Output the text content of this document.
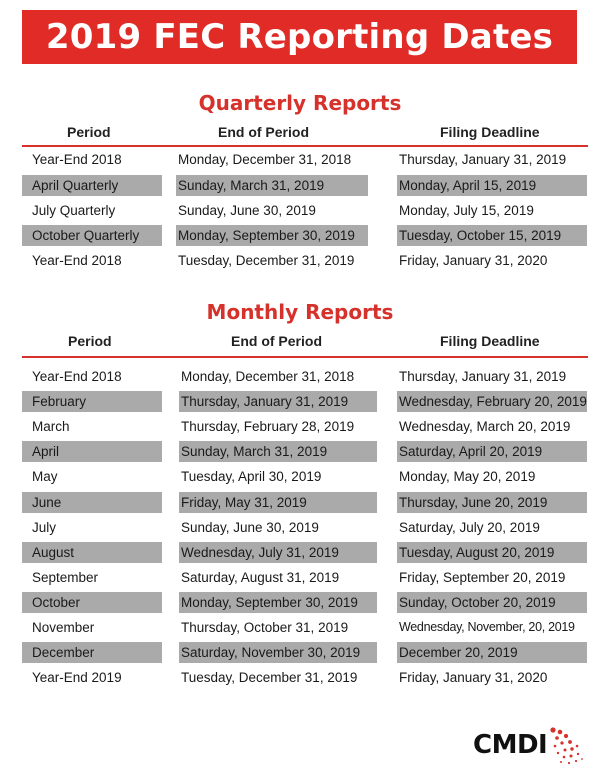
2019 FEC Reporting Dates
Quarterly Reports
Period	End of Period	Filing Deadline
Year-End 2018	Monday, December 31, 2018	Thursday, January 31, 2019
April Quarterly	Sunday, March 31, 2019	Monday, April 15, 2019
July Quarterly	Sunday, June 30, 2019	Monday, July 15, 2019
October Quarterly	Monday, September 30, 2019	Tuesday, October 15, 2019
Year-End 2018	Tuesday, December 31, 2019	Friday, January 31, 2020
Monthly Reports
Period	End of Period	Filing Deadline
Year-End 2018	Monday, December 31, 2018	Thursday, January 31, 2019
February	Thursday, January 31, 2019	Wednesday, February 20, 2019
March	Thursday, February 28, 2019	Wednesday, March 20, 2019
April	Sunday, March 31, 2019	Saturday, April 20, 2019
May	Tuesday, April 30, 2019	Monday, May 20, 2019
June	Friday, May 31, 2019	Thursday, June 20, 2019
July	Sunday, June 30, 2019	Saturday, July 20, 2019
August	Wednesday, July 31, 2019	Tuesday, August 20, 2019
September	Saturday, August 31, 2019	Friday, September 20, 2019
October	Monday, September 30, 2019	Sunday, October 20, 2019
November	Thursday, October 31, 2019	Wednesday, November, 20, 2019
December	Saturday, November 30, 2019	December 20, 2019
Year-End 2019	Tuesday, December 31, 2019	Friday, January 31, 2020
CMDI
